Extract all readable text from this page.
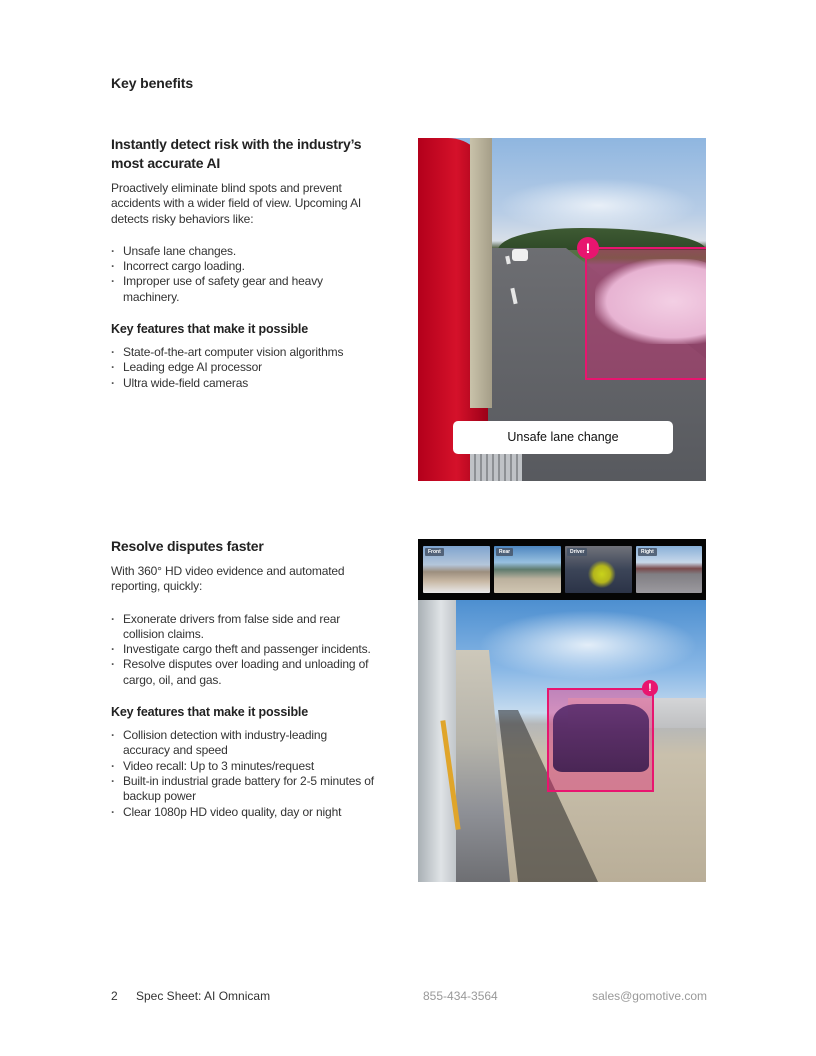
Key benefits
Instantly detect risk with the industry’s most accurate AI
Proactively eliminate blind spots and prevent accidents with a wider field of view. Upcoming AI detects risky behaviors like:
· Unsafe lane changes.
· Incorrect cargo loading.
· Improper use of safety gear and heavy machinery.
Key features that make it possible
· State-of-the-art computer vision algorithms
· Leading edge AI processor
· Ultra wide-field cameras
!
Unsafe lane change
Resolve disputes faster
With 360° HD video evidence and automated reporting, quickly:
· Exonerate drivers from false side and rear collision claims.
· Investigate cargo theft and passenger incidents.
· Resolve disputes over loading and unloading of cargo, oil, and gas.
Key features that make it possible
· Collision detection with industry-leading accuracy and speed
· Video recall: Up to 3 minutes/request
· Built-in industrial grade battery for 2-5 minutes of backup power
· Clear 1080p HD video quality, day or night
Front	Rear	Driver	Right
!
2 Spec Sheet: AI Omnicam	855-434-3564	sales@gomotive.com
